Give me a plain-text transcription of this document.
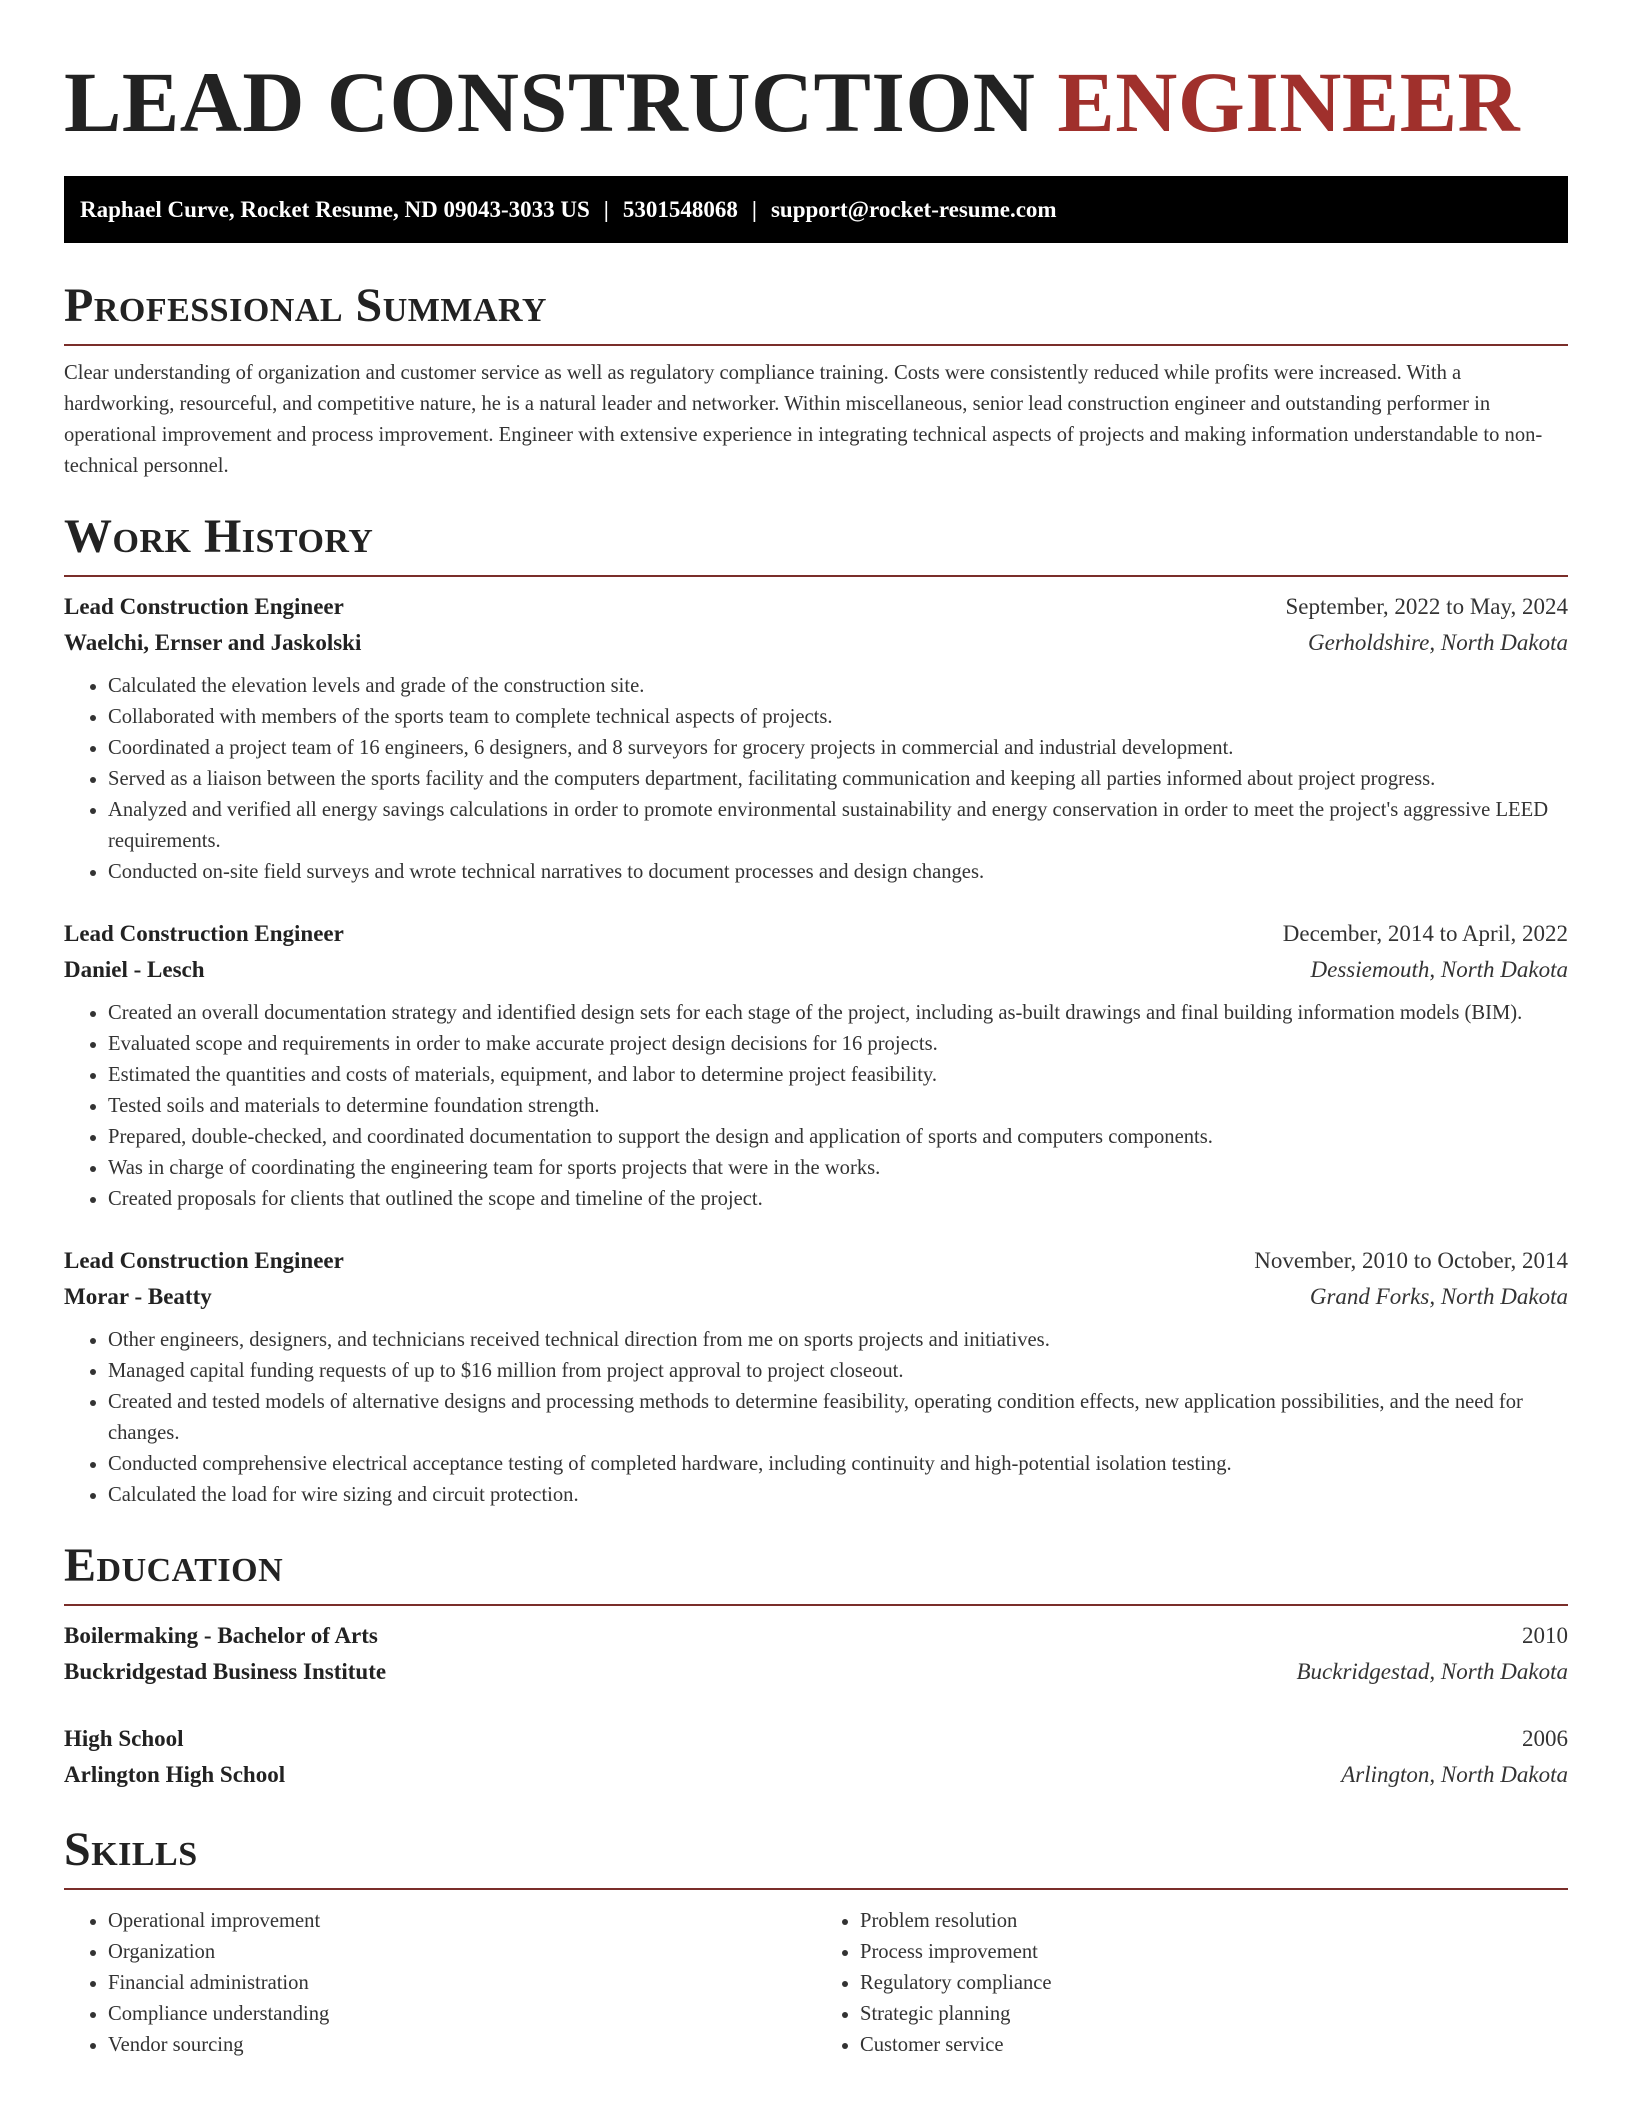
LEAD CONSTRUCTION ENGINEER
Raphael Curve, Rocket Resume, ND 09043-3033 US | 5301548068 | support@rocket-resume.com
Professional Summary

Clear understanding of organization and customer service as well as regulatory compliance training. Costs were consistently reduced while profits were increased. With a hardworking, resourceful, and competitive nature, he is a natural leader and networker. Within miscellaneous, senior lead construction engineer and outstanding performer in operational improvement and process improvement. Engineer with extensive experience in integrating technical aspects of projects and making information understandable to non-technical personnel.

Work History
Lead Construction Engineer	September, 2022 to May, 2024
Waelchi, Ernser and Jaskolski	Gerholdshire, North Dakota
• Calculated the elevation levels and grade of the construction site.
• Collaborated with members of the sports team to complete technical aspects of projects.
• Coordinated a project team of 16 engineers, 6 designers, and 8 surveyors for grocery projects in commercial and industrial development.
• Served as a liaison between the sports facility and the computers department, facilitating communication and keeping all parties informed about project progress.
• Analyzed and verified all energy savings calculations in order to promote environmental sustainability and energy conservation in order to meet the project's aggressive LEED requirements.
• Conducted on-site field surveys and wrote technical narratives to document processes and design changes.
Lead Construction Engineer	December, 2014 to April, 2022
Daniel - Lesch	Dessiemouth, North Dakota
• Created an overall documentation strategy and identified design sets for each stage of the project, including as-built drawings and final building information models (BIM).
• Evaluated scope and requirements in order to make accurate project design decisions for 16 projects.
• Estimated the quantities and costs of materials, equipment, and labor to determine project feasibility.
• Tested soils and materials to determine foundation strength.
• Prepared, double-checked, and coordinated documentation to support the design and application of sports and computers components.
• Was in charge of coordinating the engineering team for sports projects that were in the works.
• Created proposals for clients that outlined the scope and timeline of the project.
Lead Construction Engineer	November, 2010 to October, 2014
Morar - Beatty	Grand Forks, North Dakota
• Other engineers, designers, and technicians received technical direction from me on sports projects and initiatives.
• Managed capital funding requests of up to $16 million from project approval to project closeout.
• Created and tested models of alternative designs and processing methods to determine feasibility, operating condition effects, new application possibilities, and the need for changes.
• Conducted comprehensive electrical acceptance testing of completed hardware, including continuity and high-potential isolation testing.
• Calculated the load for wire sizing and circuit protection.
Education
Boilermaking - Bachelor of Arts	2010
Buckridgestad Business Institute	Buckridgestad, North Dakota
High School	2006
Arlington High School	Arlington, North Dakota
Skills
• Operational improvement
• Organization
• Financial administration
• Compliance understanding
• Vendor sourcing
• Problem resolution
• Process improvement
• Regulatory compliance
• Strategic planning
• Customer service
